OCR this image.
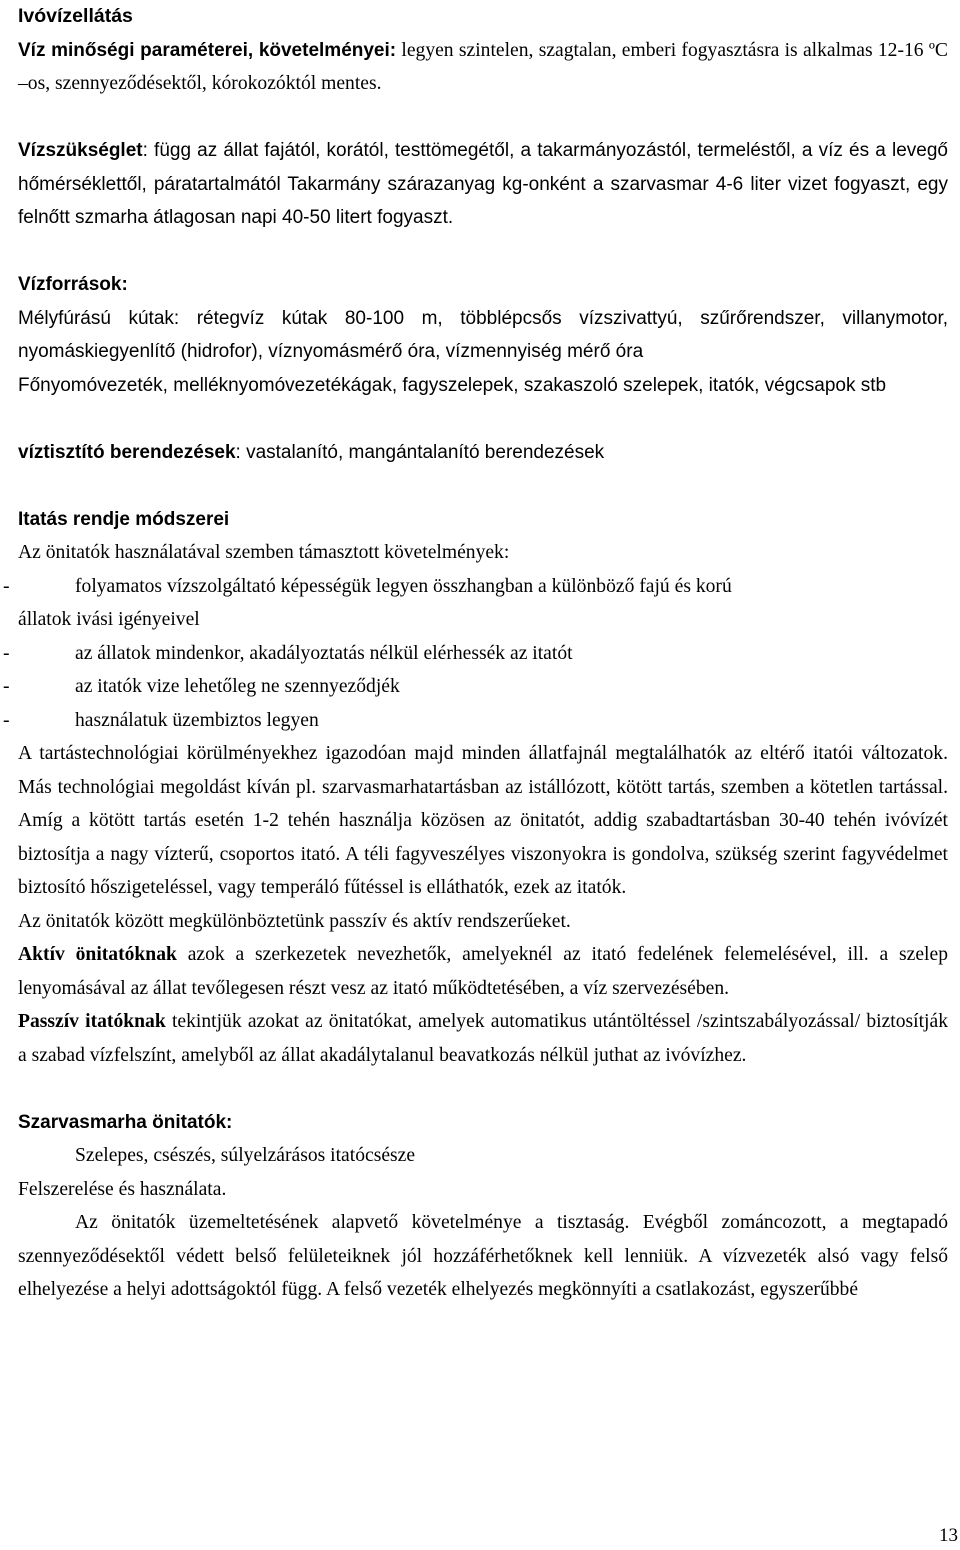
Ivóvízellátás

Víz minőségi paraméterei, követelményei: legyen szintelen, szagtalan, emberi fogyasztásra is alkalmas 12-16 ºC –os, szennyeződésektől, kórokozóktól mentes.

Vízszükséglet: függ az állat fajától, korától, testtömegétől, a takarmányozástól, termeléstől, a víz és a levegő hőmérséklettől, páratartalmától Takarmány szárazanyag kg-onként a szarvasmar 4-6 liter vizet fogyaszt, egy felnőtt szmarha átlagosan napi 40-50 litert fogyaszt.

Vízforrások:

Mélyfúrású kútak: rétegvíz kútak 80-100 m, többlépcsős vízszivattyú, szűrőrendszer, villanymotor, nyomáskiegyenlítő (hidrofor), víznyomásmérő óra, vízmennyiség mérő óra

Főnyomóvezeték, melléknyomóvezetékágak, fagyszelepek, szakaszoló szelepek, itatók, végcsapok stb

víztisztító berendezések: vastalanító, mangántalanító berendezések

Itatás rendje módszerei

Az önitatók használatával szemben támasztott követelmények:

-	folyamatos vízszolgáltató képességük legyen összhangban a különböző fajú és korú

állatok ivási igényeivel

-	az állatok mindenkor, akadályoztatás nélkül elérhessék az itatót

-	az itatók vize lehetőleg ne szennyeződjék

-	használatuk üzembiztos legyen

A tartástechnológiai körülményekhez igazodóan majd minden állatfajnál megtalálhatók az eltérő itatói változatok. Más technológiai megoldást kíván pl. szarvasmarhatartásban az istállózott, kötött tartás, szemben a kötetlen tartással. Amíg a kötött tartás esetén 1-2 tehén használja közösen az önitatót, addig szabadtartásban 30-40 tehén ivóvízét biztosítja a nagy vízterű, csoportos itató. A téli fagyveszélyes viszonyokra is gondolva, szükség szerint fagyvédelmet biztosító hőszigeteléssel, vagy temperáló fűtéssel is elláthatók, ezek az itatók.

Az önitatók között megkülönböztetünk passzív és aktív rendszerűeket.

Aktív önitatóknak azok a szerkezetek nevezhetők, amelyeknél az itató fedelének felemelésével, ill. a szelep lenyomásával az állat tevőlegesen részt vesz az itató működtetésében, a víz szervezésében.

Passzív itatóknak tekintjük azokat az önitatókat, amelyek automatikus utántöltéssel /szintszabályozással/ biztosítják a szabad vízfelszínt, amelyből az állat akadálytalanul beavatkozás nélkül juthat az ivóvízhez.

Szarvasmarha önitatók:

Szelepes, csészés, súlyelzárásos itatócsésze

Felszerelése és használata.

Az önitatók üzemeltetésének alapvető követelménye a tisztaság. Evégből zománcozott, a megtapadó szennyeződésektől védett belső felületeiknek jól hozzáférhetőknek kell lenniük. A vízvezeték alsó vagy felső elhelyezése a helyi adottságoktól függ. A felső vezeték elhelyezés megkönnyíti a csatlakozást, egyszerűbbé

13
